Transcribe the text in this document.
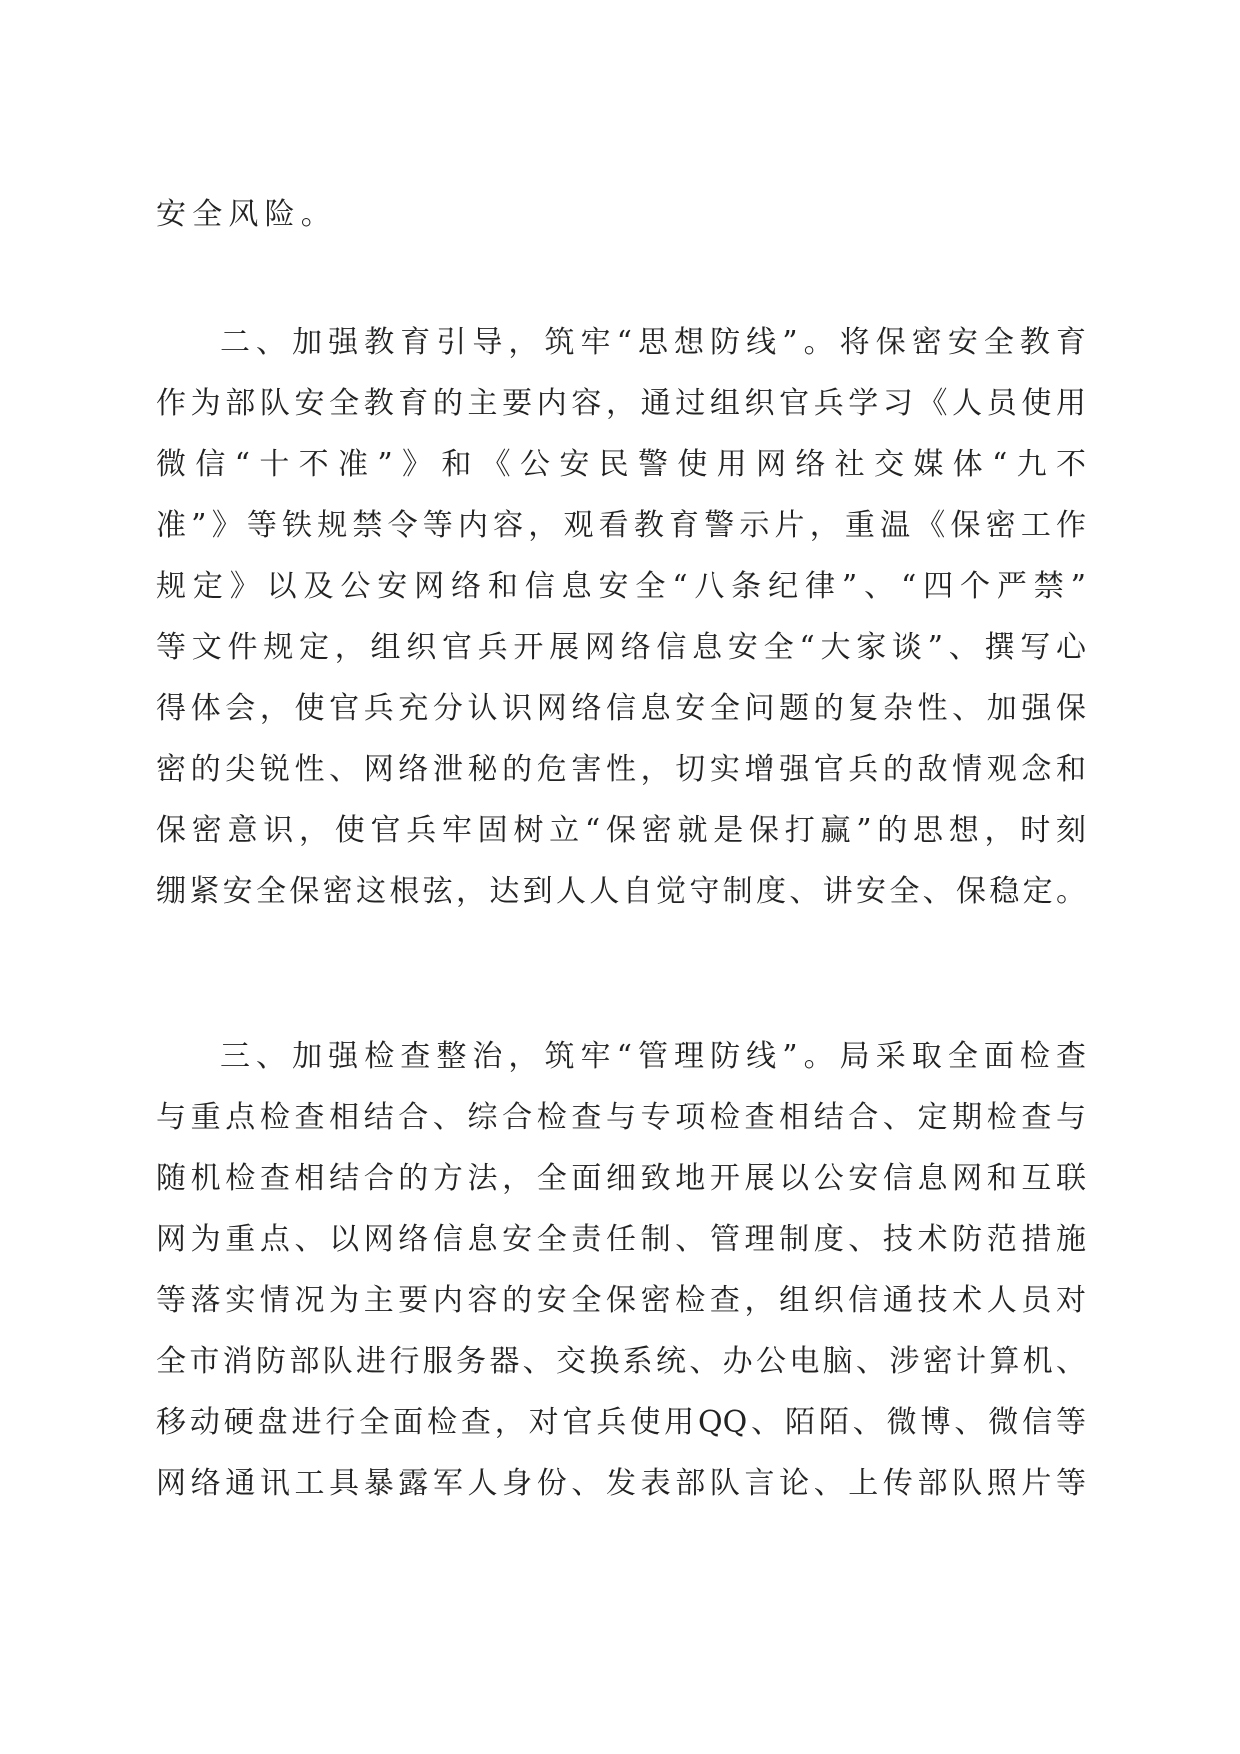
安全风险。
二、加强教育引导，筑牢“思想防线”。将保密安全教育
作为部队安全教育的主要内容，通过组织官兵学习《人员使用
微信“十不准”》和《公安民警使用网络社交媒体“九不
准”》等铁规禁令等内容，观看教育警示片，重温《保密工作
规定》以及公安网络和信息安全“八条纪律”、“四个严禁”
等文件规定，组织官兵开展网络信息安全“大家谈”、撰写心
得体会，使官兵充分认识网络信息安全问题的复杂性、加强保
密的尖锐性、网络泄秘的危害性，切实增强官兵的敌情观念和
保密意识，使官兵牢固树立“保密就是保打赢”的思想，时刻
绷紧安全保密这根弦，达到人人自觉守制度、讲安全、保稳定。
三、加强检查整治，筑牢“管理防线”。局采取全面检查
与重点检查相结合、综合检查与专项检查相结合、定期检查与
随机检查相结合的方法，全面细致地开展以公安信息网和互联
网为重点、以网络信息安全责任制、管理制度、技术防范措施
等落实情况为主要内容的安全保密检查，组织信通技术人员对
全市消防部队进行服务器、交换系统、办公电脑、涉密计算机、
移动硬盘进行全面检查，对官兵使用QQ、陌陌、微博、微信等
网络通讯工具暴露军人身份、发表部队言论、上传部队照片等
